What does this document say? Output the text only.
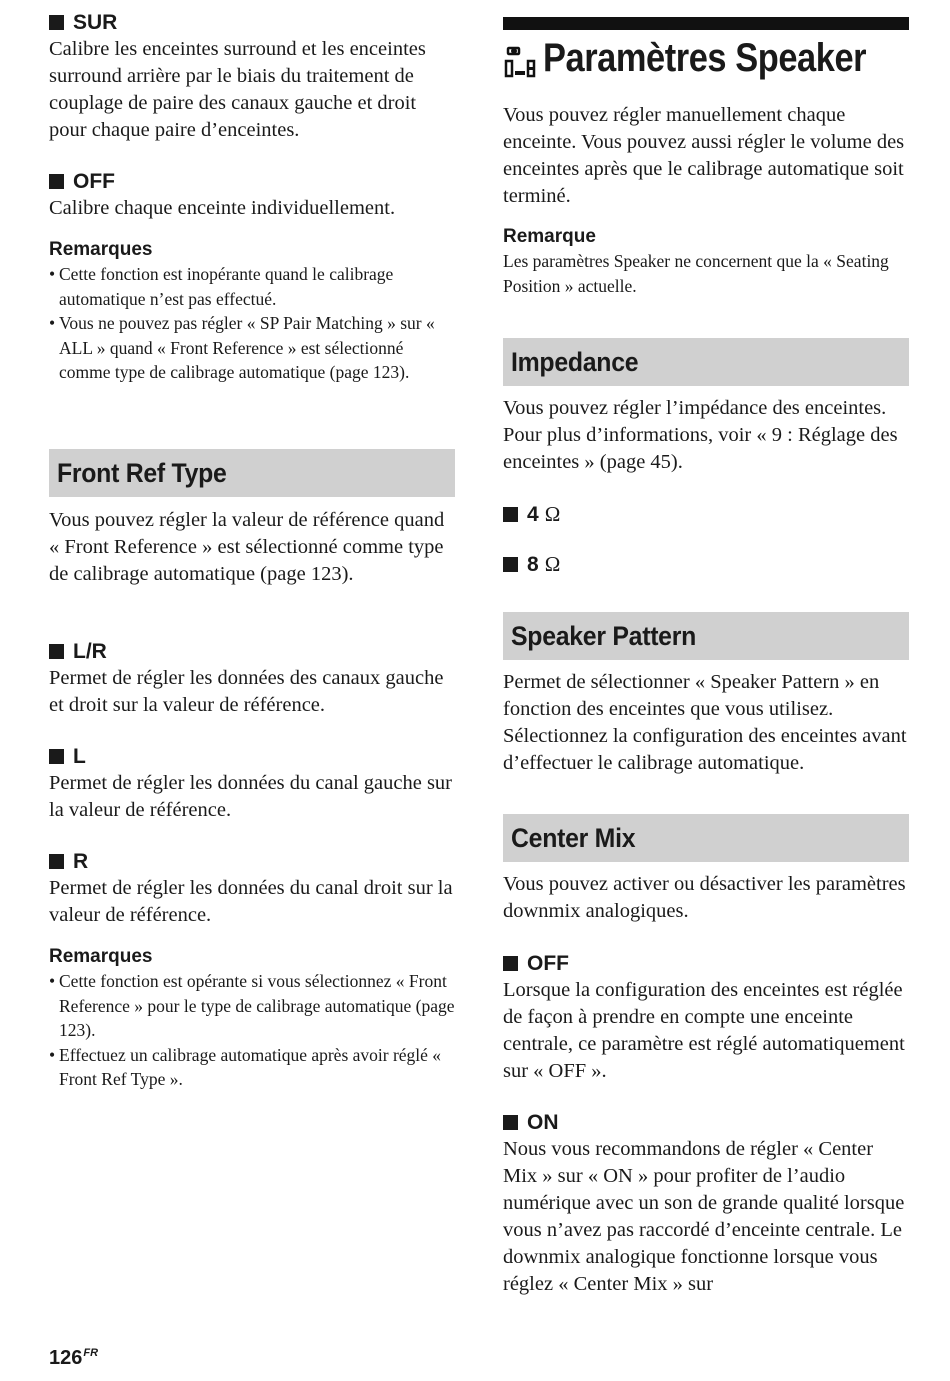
SUR

Calibre les enceintes surround et les enceintes surround arrière par le biais du traitement de couplage de paire des canaux gauche et droit pour chaque paire d’enceintes.

OFF

Calibre chaque enceinte individuellement.

Remarques

• Cette fonction est inopérante quand le calibrage automatique n’est pas effectué.
• Vous ne pouvez pas régler « SP Pair Matching » sur « ALL » quand « Front Reference » est sélectionné comme type de calibrage automatique (page 123).
Front Ref Type

Vous pouvez régler la valeur de référence quand « Front Reference » est sélectionné comme type de calibrage automatique (page 123).

L/R

Permet de régler les données des canaux gauche et droit sur la valeur de référence.

L

Permet de régler les données du canal gauche sur la valeur de référence.

R

Permet de régler les données du canal droit sur la valeur de référence.

Remarques

• Cette fonction est opérante si vous sélectionnez « Front Reference » pour le type de calibrage automatique (page 123).
• Effectuez un calibrage automatique après avoir réglé « Front Ref Type ».
Paramètres Speaker

Vous pouvez régler manuellement chaque enceinte. Vous pouvez aussi régler le volume des enceintes après que le calibrage automatique soit terminé.

Remarque

Les paramètres Speaker ne concernent que la « Seating Position » actuelle.

Impedance

Vous pouvez régler l’impédance des enceintes. Pour plus d’informations, voir « 9 : Réglage des enceintes » (page 45).

4 Ω

8 Ω

Speaker Pattern

Permet de sélectionner « Speaker Pattern » en fonction des enceintes que vous utilisez. Sélectionnez la configuration des enceintes avant d’effectuer le calibrage automatique.

Center Mix

Vous pouvez activer ou désactiver les paramètres downmix analogiques.

OFF

Lorsque la configuration des enceintes est réglée de façon à prendre en compte une enceinte centrale, ce paramètre est réglé automatiquement sur « OFF ».

ON

Nous vous recommandons de régler « Center Mix » sur « ON » pour profiter de l’audio numérique avec un son de grande qualité lorsque vous n’avez pas raccordé d’enceinte centrale. Le downmix analogique fonctionne lorsque vous réglez « Center Mix » sur

$126^{FR}$
